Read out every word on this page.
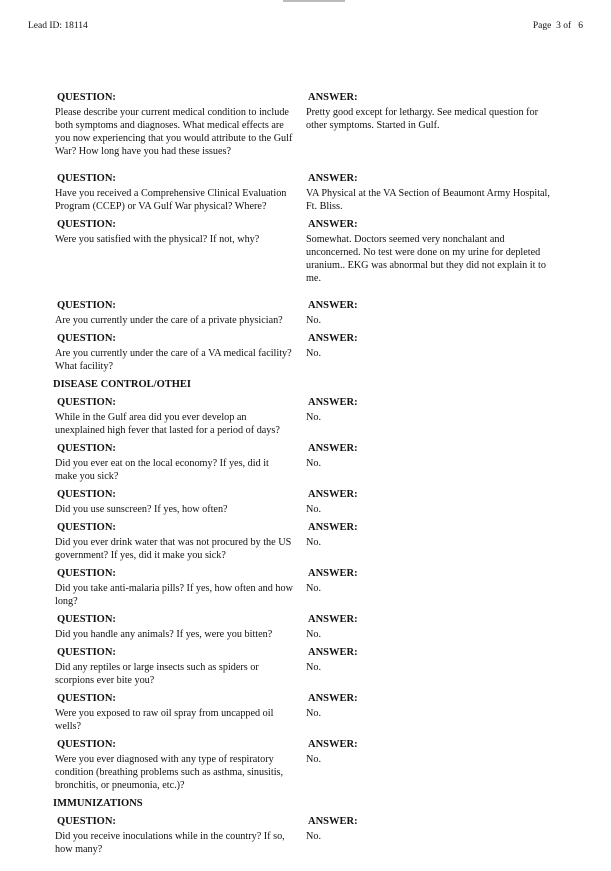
Lead ID: 18114	Page  3 of   6
QUESTION:
Please describe your current medical condition to include both symptoms and diagnoses. What medical effects are you now experiencing that you would attribute to the Gulf War? How long have you had these issues?
ANSWER:
Pretty good except for lethargy. See medical question for other symptoms. Started in Gulf.
QUESTION:
Have you received a Comprehensive Clinical Evaluation Program (CCEP) or VA Gulf War physical? Where?
ANSWER:
VA Physical at the VA Section of Beaumont Army Hospital, Ft. Bliss.
QUESTION:
Were you satisfied with the physical? If not, why?
ANSWER:
Somewhat. Doctors seemed very nonchalant and unconcerned. No test were done on my urine for depleted uranium.. EKG was abnormal but they did not explain it to me.
QUESTION:
Are you currently under the care of a private physician?
ANSWER:
No.
QUESTION:
Are you currently under the care of a VA medical facility? What facility?
ANSWER:
No.
DISEASE CONTROL/OTHEI
QUESTION:
While in the Gulf area did you ever develop an unexplained high fever that lasted for a period of days?
ANSWER:
No.
QUESTION:
Did you ever eat on the local economy? If yes, did it make you sick?
ANSWER:
No.
QUESTION:
Did you use sunscreen? If yes, how often?
ANSWER:
No.
QUESTION:
Did you ever drink water that was not procured by the US government? If yes, did it make you sick?
ANSWER:
No.
QUESTION:
Did you take anti-malaria pills? If yes, how often and how long?
ANSWER:
No.
QUESTION:
Did you handle any animals? If yes, were you bitten?
ANSWER:
No.
QUESTION:
Did any reptiles or large insects such as spiders or scorpions ever bite you?
ANSWER:
No.
QUESTION:
Were you exposed to raw oil spray from uncapped oil wells?
ANSWER:
No.
QUESTION:
Were you ever diagnosed with any type of respiratory condition (breathing problems such as asthma, sinusitis, bronchitis, or pneumonia, etc.)?
ANSWER:
No.
IMMUNIZATIONS
QUESTION:
Did you receive inoculations while in the country? If so, how many?
ANSWER:
No.
